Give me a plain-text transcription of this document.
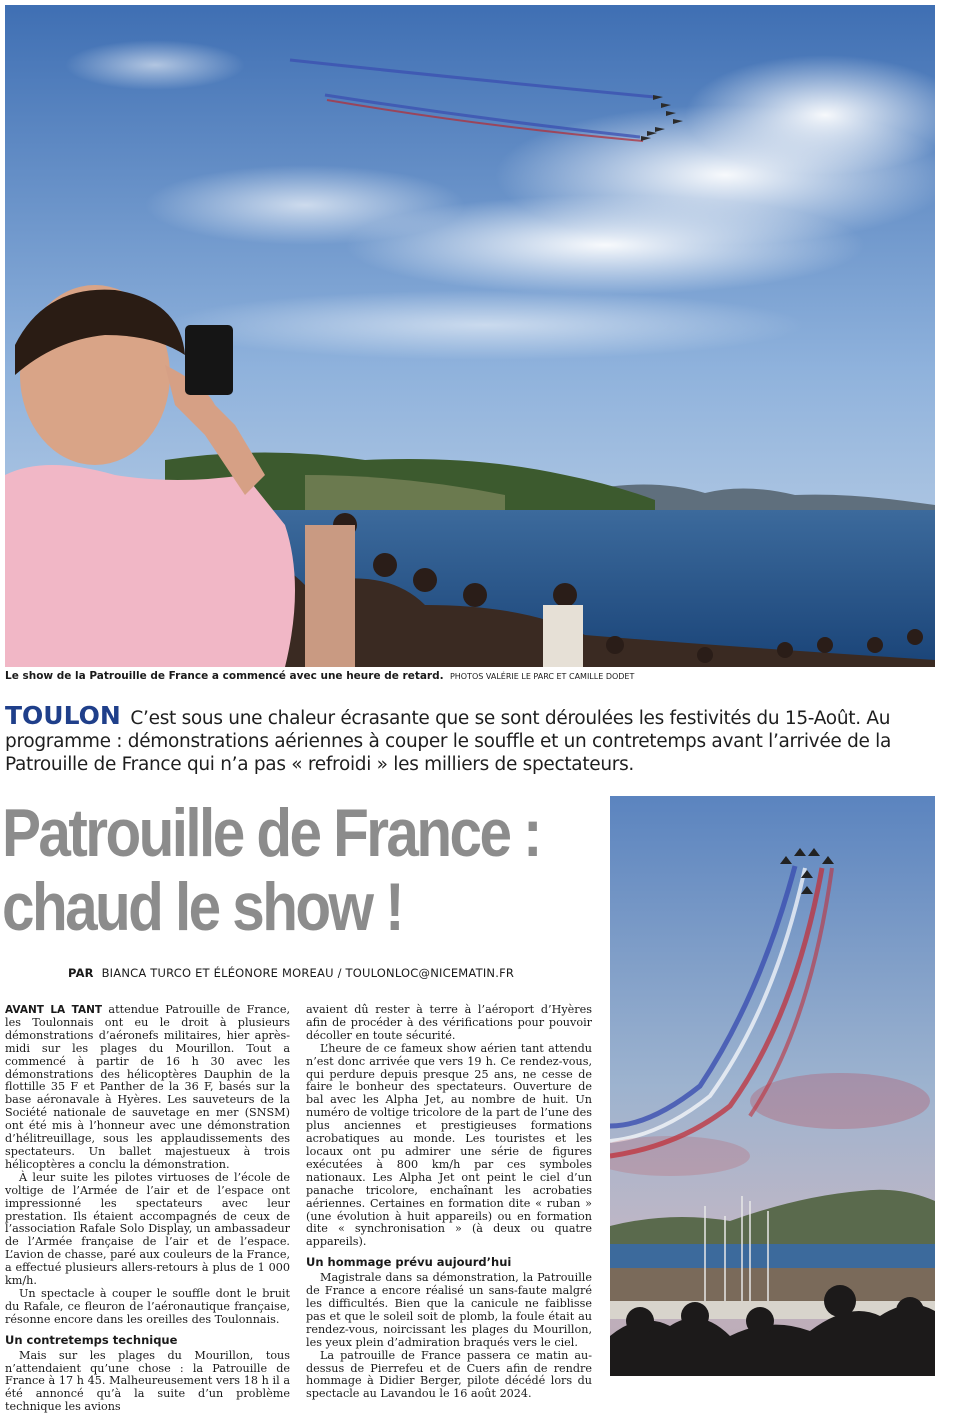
Le show de la Patrouille de France a commencé avec une heure de retard. PHOTOS VALÉRIE LE PARC ET CAMILLE DODET
TOULON C’est sous une chaleur écrasante que se sont déroulées les festivités du 15-Août. Au programme : démonstrations aériennes à couper le souffle et un contretemps avant l’arrivée de la Patrouille de France qui n’a pas « refroidi » les milliers de spectateurs.
Patrouille de France :
chaud le show !
PAR BIANCA TURCO ET ÉLÉONORE MOREAU / TOULONLOC@NICEMATIN.FR

AVANT LA TANT attendue Patrouille de France, les Toulonnais ont eu le droit à plusieurs démonstrations d’aéronefs militaires, hier après-midi sur les plages du Mourillon. Tout a commencé à partir de 16 h 30 avec les démonstrations des hélicoptères Dauphin de la flottille 35 F et Panther de la 36 F, basés sur la base aéronavale à Hyères. Les sauveteurs de la Société nationale de sauvetage en mer (SNSM) ont été mis à l’honneur avec une démonstration d’hélitreuillage, sous les applaudissements des spectateurs. Un ballet majestueux à trois hélicoptères a conclu la démonstration.

À leur suite les pilotes virtuoses de l’école de voltige de l’Armée de l’air et de l’espace ont impressionné les spectateurs avec leur prestation. Ils étaient accompagnés de ceux de l’association Rafale Solo Display, un ambassadeur de l’Armée française de l’air et de l’espace. L’avion de chasse, paré aux couleurs de la France, a effectué plusieurs allers-retours à plus de 1 000 km/h.

Un spectacle à couper le souffle dont le bruit du Rafale, ce fleuron de l’aéronautique française, résonne encore dans les oreilles des Toulonnais.

Un contretemps technique

Mais sur les plages du Mourillon, tous n’attendaient qu’une chose : la Patrouille de France à 17 h 45. Malheureusement vers 18 h il a été annoncé qu’à la suite d’un problème technique les avions

avaient dû rester à terre à l’aéroport d’Hyères afin de procéder à des vérifications pour pouvoir décoller en toute sécurité.

L’heure de ce fameux show aérien tant attendu n’est donc arrivée que vers 19 h. Ce rendez-vous, qui perdure depuis presque 25 ans, ne cesse de faire le bonheur des spectateurs. Ouverture de bal avec les Alpha Jet, au nombre de huit. Un numéro de voltige tricolore de la part de l’une des plus anciennes et prestigieuses formations acrobatiques au monde. Les touristes et les locaux ont pu admirer une série de figures exécutées à 800 km/h par ces symboles nationaux. Les Alpha Jet ont peint le ciel d’un panache tricolore, enchaînant les acrobaties aériennes. Certaines en formation dite « ruban » (une évolution à huit appareils) ou en formation dite « synchronisation » (à deux ou quatre appareils).

Un hommage prévu aujourd’hui

Magistrale dans sa démonstration, la Patrouille de France a encore réalisé un sans-faute malgré les difficultés. Bien que la canicule ne faiblisse pas et que le soleil soit de plomb, la foule était au rendez-vous, noircissant les plages du Mourillon, les yeux plein d’admiration braqués vers le ciel.

La patrouille de France passera ce matin au-dessus de Pierrefeu et de Cuers afin de rendre hommage à Didier Berger, pilote décédé lors du spectacle au Lavandou le 16 août 2024.
